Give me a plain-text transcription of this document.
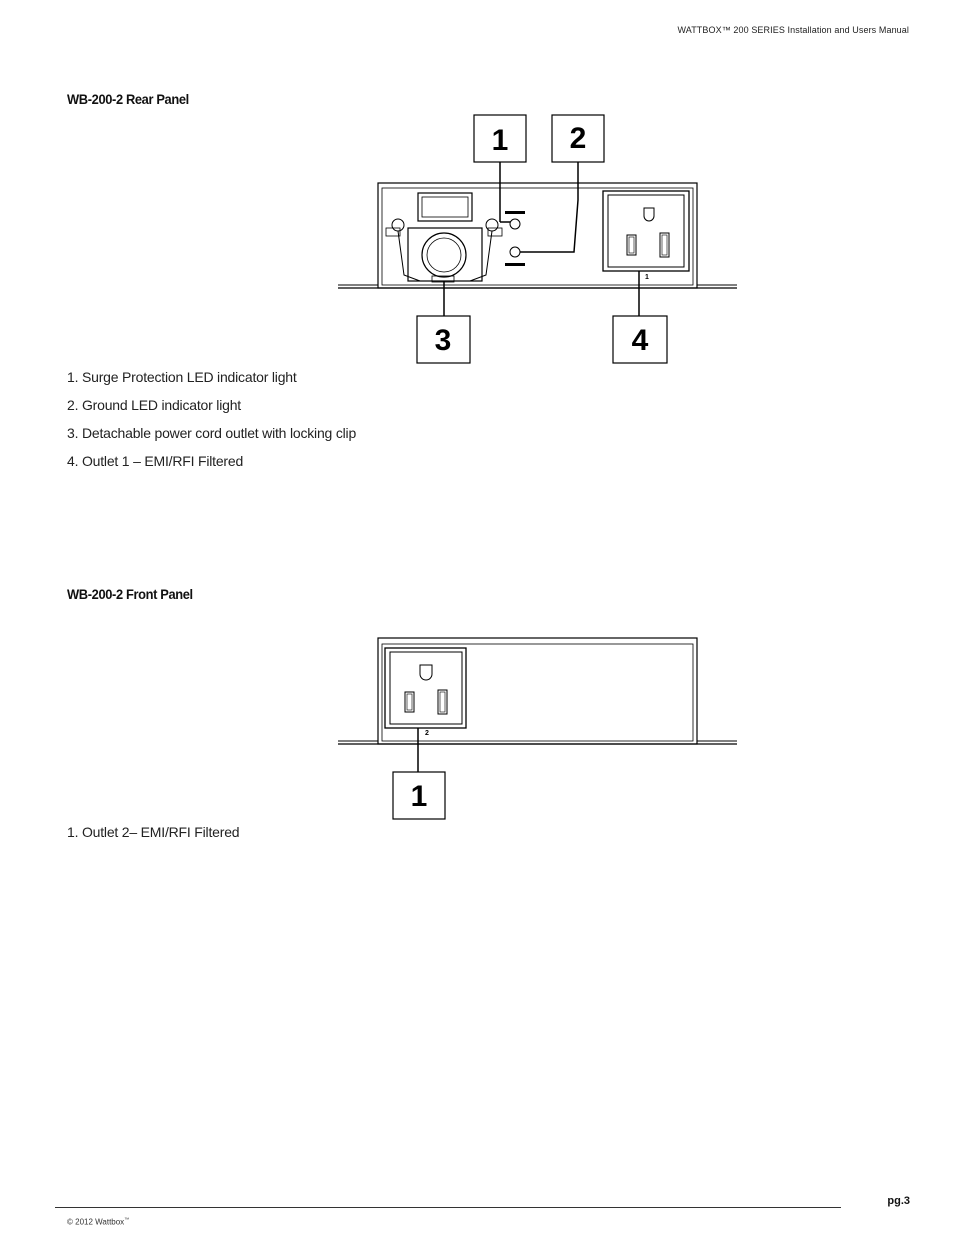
WATTBOX™ 200 SERIES Installation and Users Manual
WB-200-2 Rear Panel
1 2
1
3	4
1. Surge Protection LED indicator light
2. Ground LED indicator light
3. Detachable power cord outlet with locking clip
4. Outlet 1 – EMI/RFI Filtered
WB-200-2 Front Panel
2
1
1. Outlet 2– EMI/RFI Filtered
© 2012 Wattbox™
pg.3
